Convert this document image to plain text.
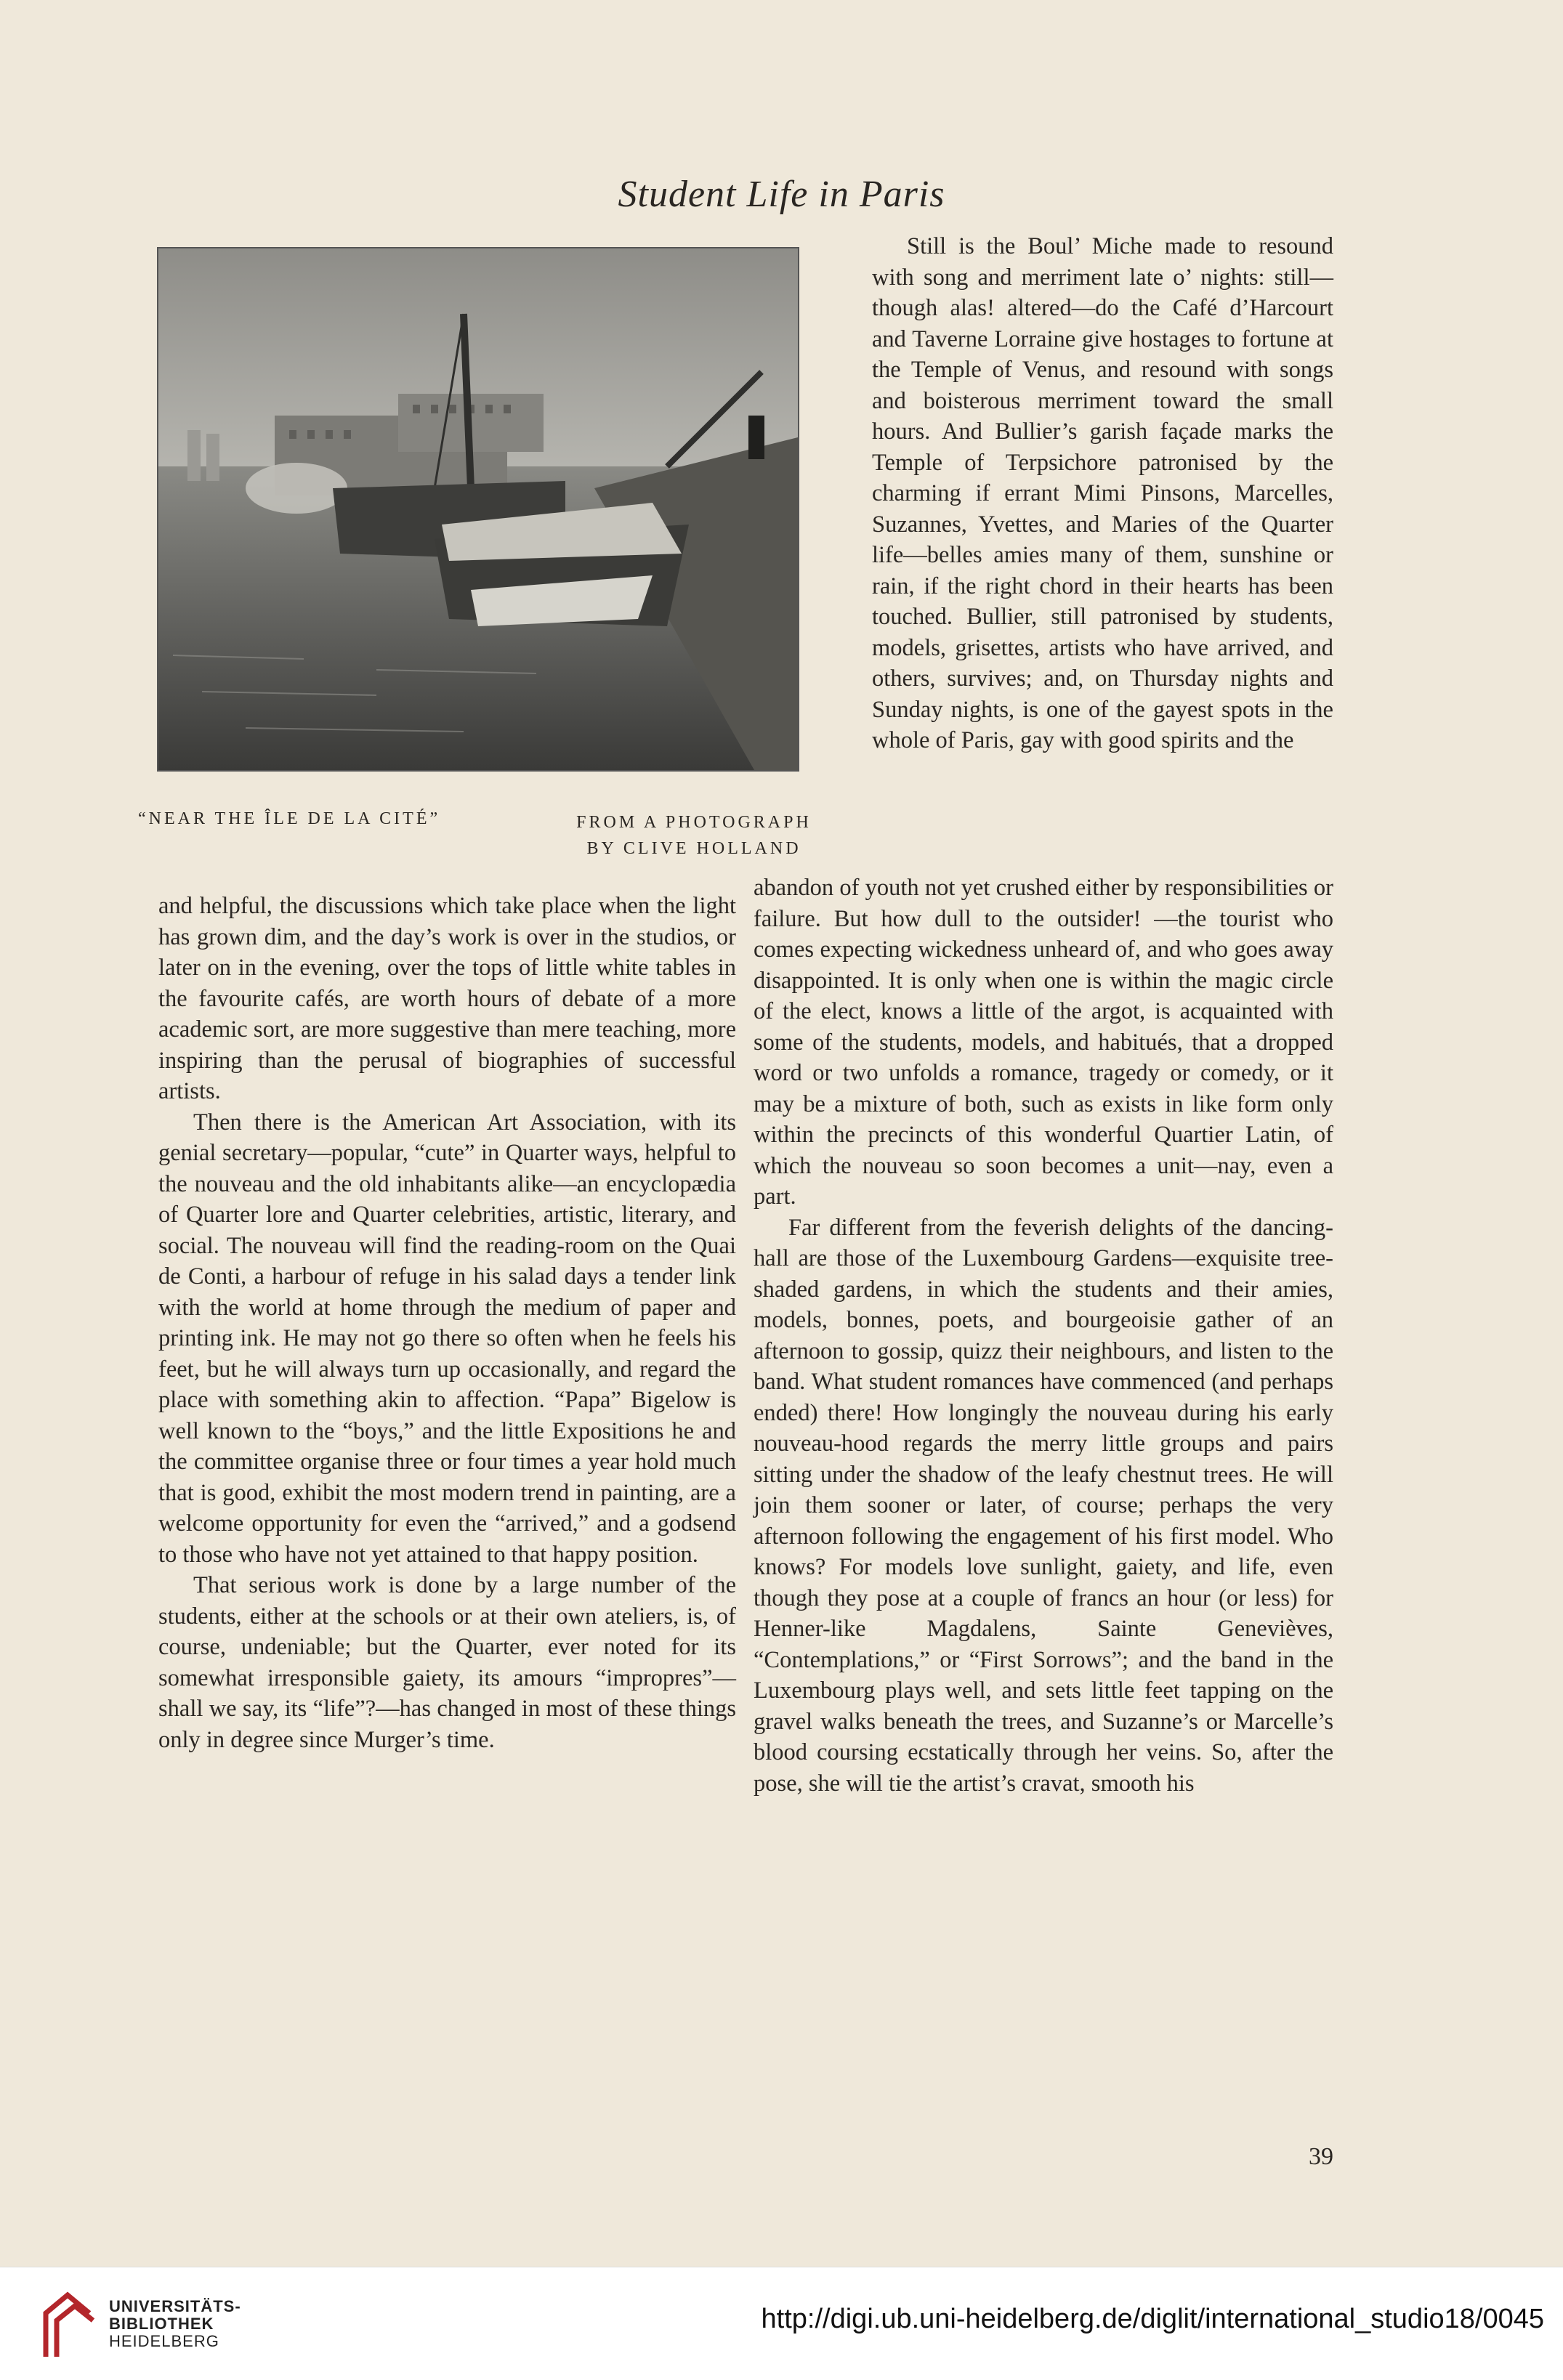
Student Life in Paris
“NEAR THE ÎLE DE LA CITÉ”	FROM A PHOTOGRAPH
BY CLIVE HOLLAND

Still is the Boul’ Miche made to resound with song and merriment late o’ nights: still—though alas! altered—do the Café d’Harcourt and Taverne Lorraine give hostages to fortune at the Temple of Venus, and resound with songs and boisterous merriment toward the small hours. And Bullier’s garish façade marks the Temple of Terpsichore patronised by the charming if errant Mimi Pinsons, Marcelles, Suzannes, Yvettes, and Maries of the Quarter life—belles amies many of them, sunshine or rain, if the right chord in their hearts has been touched. Bullier, still patronised by students, models, grisettes, artists who have arrived, and others, survives; and, on Thursday nights and Sunday nights, is one of the gayest spots in the whole of Paris, gay with good spirits and the

and helpful, the discussions which take place when the light has grown dim, and the day’s work is over in the studios, or later on in the evening, over the tops of little white tables in the favourite cafés, are worth hours of debate of a more academic sort, are more suggestive than mere teaching, more inspiring than the perusal of biographies of successful artists.

Then there is the American Art Association, with its genial secretary—popular, “cute” in Quarter ways, helpful to the nouveau and the old inhabitants alike—an encyclopædia of Quarter lore and Quarter celebrities, artistic, literary, and social. The nouveau will find the reading-room on the Quai de Conti, a harbour of refuge in his salad days a tender link with the world at home through the medium of paper and printing ink. He may not go there so often when he feels his feet, but he will always turn up occasionally, and regard the place with something akin to affection. “Papa” Bigelow is well known to the “boys,” and the little Expositions he and the committee organise three or four times a year hold much that is good, exhibit the most modern trend in painting, are a welcome opportunity for even the “arrived,” and a godsend to those who have not yet attained to that happy position.

That serious work is done by a large number of the students, either at the schools or at their own ateliers, is, of course, undeniable; but the Quarter, ever noted for its somewhat irresponsible gaiety, its amours “impropres”—shall we say, its “life”?—has changed in most of these things only in degree since Murger’s time.

abandon of youth not yet crushed either by responsibilities or failure. But how dull to the outsider! —the tourist who comes expecting wickedness unheard of, and who goes away disappointed. It is only when one is within the magic circle of the elect, knows a little of the argot, is acquainted with some of the students, models, and habitués, that a dropped word or two unfolds a romance, tragedy or comedy, or it may be a mixture of both, such as exists in like form only within the precincts of this wonderful Quartier Latin, of which the nouveau so soon becomes a unit—nay, even a part.

Far different from the feverish delights of the dancing-hall are those of the Luxembourg Gardens—exquisite tree-shaded gardens, in which the students and their amies, models, bonnes, poets, and bourgeoisie gather of an afternoon to gossip, quizz their neighbours, and listen to the band. What student romances have commenced (and perhaps ended) there! How longingly the nouveau during his early nouveau-hood regards the merry little groups and pairs sitting under the shadow of the leafy chestnut trees. He will join them sooner or later, of course; perhaps the very afternoon following the engagement of his first model. Who knows? For models love sunlight, gaiety, and life, even though they pose at a couple of francs an hour (or less) for Henner-like Magdalens, Sainte Geneviѐves, “Contemplations,” or “First Sorrows”; and the band in the Luxembourg plays well, and sets little feet tapping on the gravel walks beneath the trees, and Suzanne’s or Marcelle’s blood coursing ecstatically through her veins. So, after the pose, she will tie the artist’s cravat, smooth his

39
UNIVERSITÄTS-
BIBLIOTHEK
HEIDELBERG
http://digi.ub.uni-heidelberg.de/diglit/international_studio18/0045
